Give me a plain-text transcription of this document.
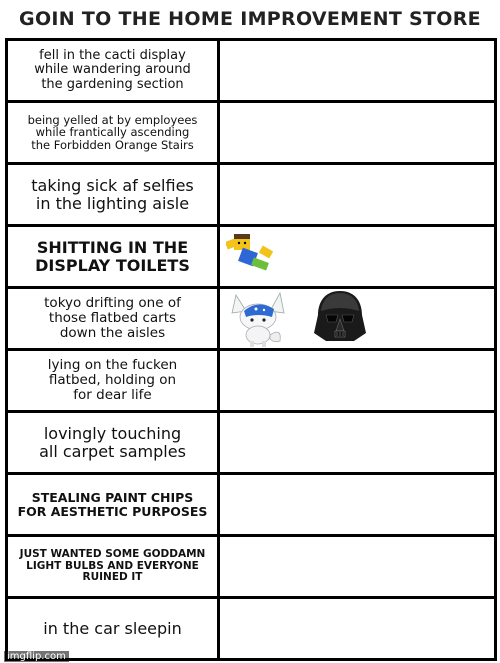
GOIN TO THE HOME IMPROVEMENT STORE
fell in the cacti display
while wandering around
the gardening section
being yelled at by employees
while frantically ascending
the Forbidden Orange Stairs
taking sick af selfies
in the lighting aisle
SHITTING IN THE
DISPLAY TOILETS
tokyo drifting one of
those flatbed carts
down the aisles
lying on the fucken
flatbed, holding on
for dear life
lovingly touching
all carpet samples
STEALING PAINT CHIPS
FOR AESTHETIC PURPOSES
JUST WANTED SOME GODDAMN
LIGHT BULBS AND EVERYONE
RUINED IT
in the car sleepin
imgflip.com
